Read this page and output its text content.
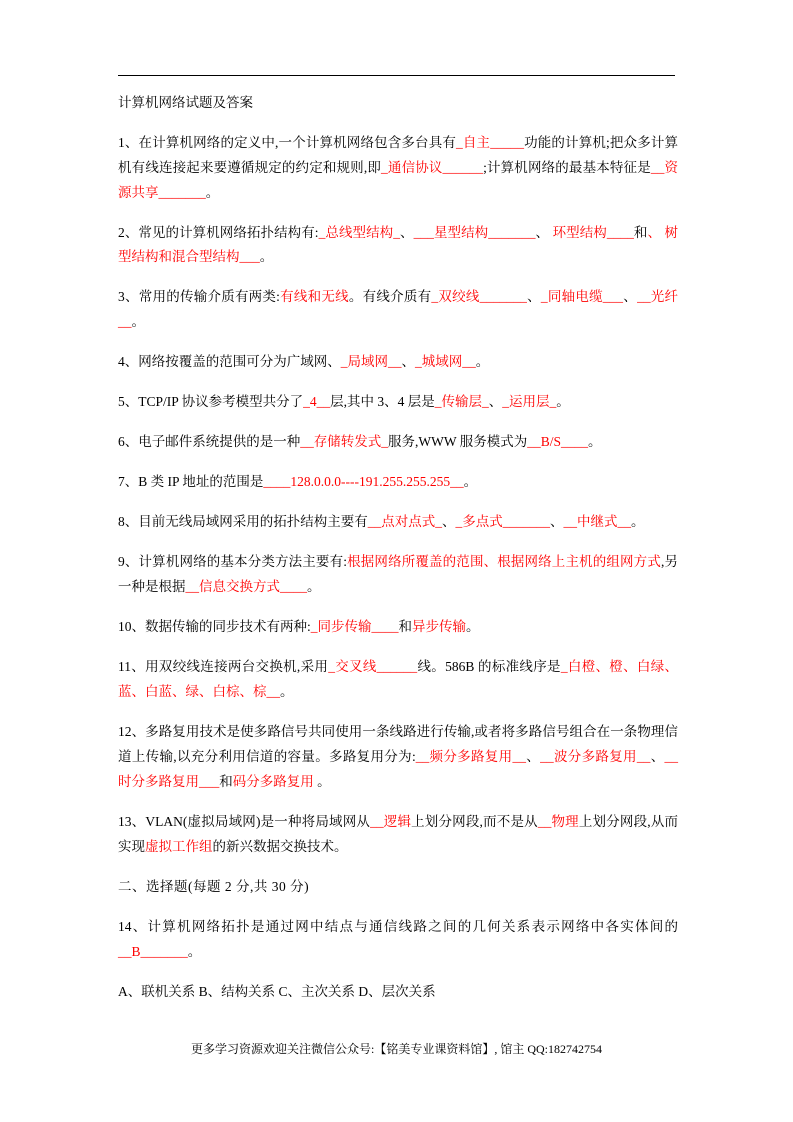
计算机网络试题及答案
1、在计算机网络的定义中,一个计算机网络包含多台具有_自主_____功能的计算机;把众多计算机有线连接起来要遵循规定的约定和规则,即_通信协议______;计算机网络的最基本特征是__资源共享_______。
2、常见的计算机网络拓扑结构有:_总线型结构_、___星型结构_______、 环型结构____和、 树型结构和混合型结构___。
3、常用的传输介质有两类:有线和无线。有线介质有_双绞线_______、_同轴电缆___、__光纤__。
4、网络按覆盖的范围可分为广域网、_局域网__、_城域网__。
5、TCP/IP 协议参考模型共分了_4__层,其中 3、4 层是_传输层_、_运用层_。
6、电子邮件系统提供的是一种__存储转发式_服务,WWW 服务模式为__B/S____。
7、B 类 IP 地址的范围是____128.0.0.0----191.255.255.255__。
8、目前无线局域网采用的拓扑结构主要有__点对点式_、_多点式_______、__中继式__。
9、计算机网络的基本分类方法主要有:根据网络所覆盖的范围、根据网络上主机的组网方式,另一种是根据__信息交换方式____。
10、数据传输的同步技术有两种:_同步传输____和异步传输。
11、用双绞线连接两台交换机,采用_交叉线______线。586B 的标准线序是_白橙、橙、白绿、蓝、白蓝、绿、白棕、棕__。
12、多路复用技术是使多路信号共同使用一条线路进行传输,或者将多路信号组合在一条物理信道上传输,以充分利用信道的容量。多路复用分为:__频分多路复用__、__波分多路复用__、__时分多路复用___和码分多路复用 。
13、VLAN(虚拟局域网)是一种将局域网从__逻辑上划分网段,而不是从__物理上划分网段,从而实现虚拟工作组的新兴数据交换技术。
二、选择题(每题 2 分,共 30 分)
14、计算机网络拓扑是通过网中结点与通信线路之间的几何关系表示网络中各实体间的__B_______。
A、联机关系 B、结构关系 C、主次关系 D、层次关系
更多学习资源欢迎关注微信公众号:【铭美专业课资料馆】, 馆主 QQ:182742754
